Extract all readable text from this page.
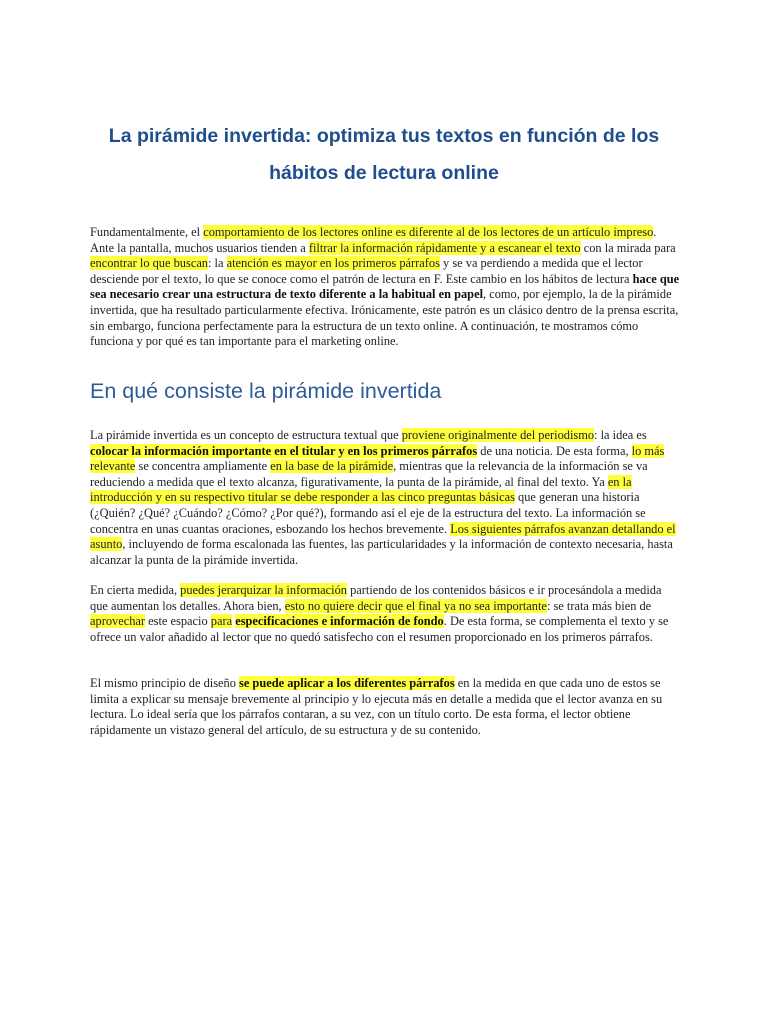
La pirámide invertida: optimiza tus textos en función de los hábitos de lectura online

Fundamentalmente, el comportamiento de los lectores online es diferente al de los lectores de un artículo impreso. Ante la pantalla, muchos usuarios tienden a filtrar la información rápidamente y a escanear el texto con la mirada para encontrar lo que buscan: la atención es mayor en los primeros párrafos y se va perdiendo a medida que el lector desciende por el texto, lo que se conoce como el patrón de lectura en F. Este cambio en los hábitos de lectura hace que sea necesario crear una estructura de texto diferente a la habitual en papel, como, por ejemplo, la de la pirámide invertida, que ha resultado particularmente efectiva. Irónicamente, este patrón es un clásico dentro de la prensa escrita, sin embargo, funciona perfectamente para la estructura de un texto online. A continuación, te mostramos cómo funciona y por qué es tan importante para el marketing online.

En qué consiste la pirámide invertida

La pirámide invertida es un concepto de estructura textual que proviene originalmente del periodismo: la idea es colocar la información importante en el titular y en los primeros párrafos de una noticia. De esta forma, lo más relevante se concentra ampliamente en la base de la pirámide, mientras que la relevancia de la información se va reduciendo a medida que el texto alcanza, figurativamente, la punta de la pirámide, al final del texto. Ya en la introducción y en su respectivo titular se debe responder a las cinco preguntas básicas que generan una historia (¿Quién? ¿Qué? ¿Cuándo? ¿Cómo? ¿Por qué?), formando así el eje de la estructura del texto. La información se concentra en unas cuantas oraciones, esbozando los hechos brevemente. Los siguientes párrafos avanzan detallando el asunto, incluyendo de forma escalonada las fuentes, las particularidades y la información de contexto necesaria, hasta alcanzar la punta de la pirámide invertida.

En cierta medida, puedes jerarquizar la información partiendo de los contenidos básicos e ir procesándola a medida que aumentan los detalles. Ahora bien, esto no quiere decir que el final ya no sea importante: se trata más bien de aprovechar este espacio para especificaciones e información de fondo. De esta forma, se complementa el texto y se ofrece un valor añadido al lector que no quedó satisfecho con el resumen proporcionado en los primeros párrafos.

El mismo principio de diseño se puede aplicar a los diferentes párrafos en la medida en que cada uno de estos se limita a explicar su mensaje brevemente al principio y lo ejecuta más en detalle a medida que el lector avanza en su lectura. Lo ideal sería que los párrafos contaran, a su vez, con un título corto. De esta forma, el lector obtiene rápidamente un vistazo general del artículo, de su estructura y de su contenido.
